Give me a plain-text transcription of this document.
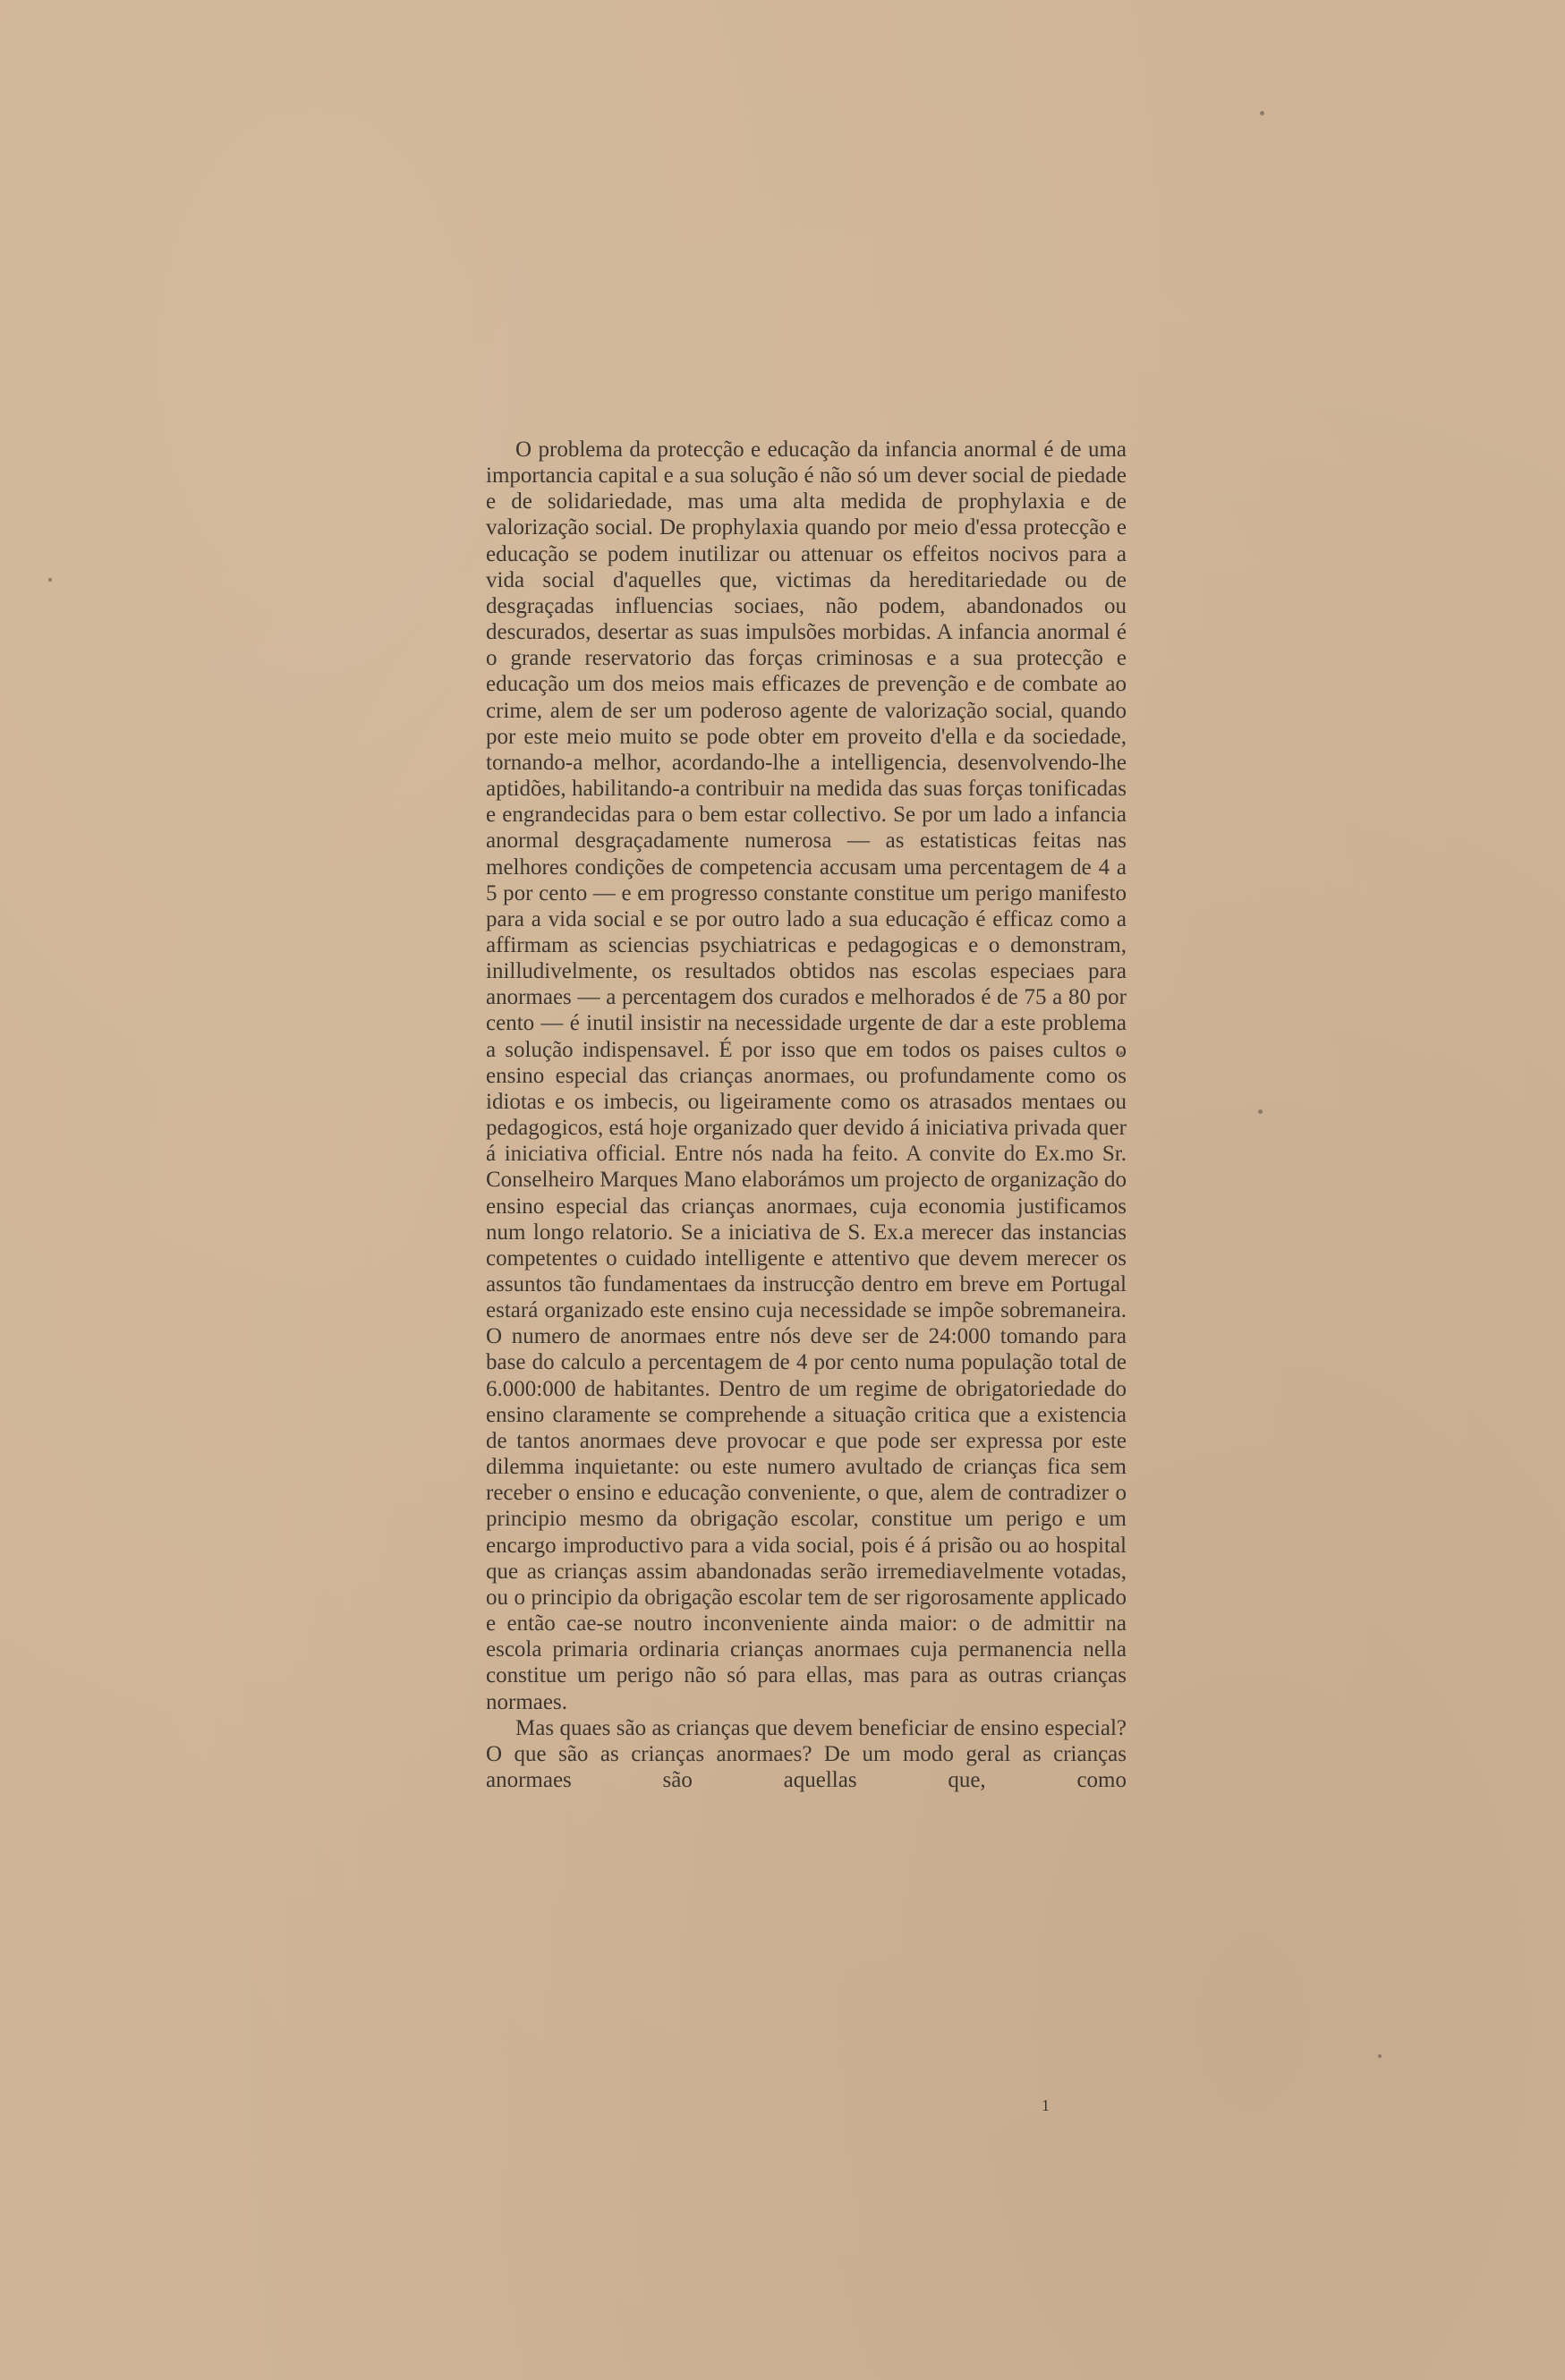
O problema da protecção e educação da infancia anormal é de uma importancia capital e a sua solução é não só um dever social de piedade e de solidariedade, mas uma alta medida de prophylaxia e de valorização social. De prophylaxia quando por meio d'essa protecção e educação se podem inutilizar ou attenuar os effeitos nocivos para a vida social d'aquelles que, victimas da hereditariedade ou de desgraçadas influencias sociaes, não podem, abandonados ou descurados, desertar as suas impulsões morbidas. A infancia anormal é o grande reservatorio das forças criminosas e a sua protecção e educação um dos meios mais efficazes de prevenção e de combate ao crime, alem de ser um poderoso agente de valorização social, quando por este meio muito se pode obter em proveito d'ella e da sociedade, tornando-a melhor, acordando-lhe a intelligencia, desenvolvendo-lhe aptidões, habilitando-a contribuir na medida das suas forças tonificadas e engrandecidas para o bem estar collectivo. Se por um lado a infancia anormal desgraçadamente numerosa — as estatisticas feitas nas melhores condições de competencia accusam uma percentagem de 4 a 5 por cento — e em progresso constante constitue um perigo manifesto para a vida social e se por outro lado a sua educação é efficaz como a affirmam as sciencias psychiatricas e pedagogicas e o demonstram, inilludivelmente, os resultados obtidos nas escolas especiaes para anormaes — a percentagem dos curados e melhorados é de 75 a 80 por cento — é inutil insistir na necessidade urgente de dar a este problema a solução indispensavel. É por isso que em todos os paises cultos o ensino especial das crianças anormaes, ou profundamente como os idiotas e os imbecis, ou ligeiramente como os atrasados mentaes ou pedagogicos, está hoje organizado quer devido á iniciativa privada quer á iniciativa official. Entre nós nada ha feito. A convite do Ex.mo Sr. Conselheiro Marques Mano elaborámos um projecto de organização do ensino especial das crianças anormaes, cuja economia justificamos num longo relatorio. Se a iniciativa de S. Ex.a merecer das instancias competentes o cuidado intelligente e attentivo que devem merecer os assuntos tão fundamentaes da instrucção dentro em breve em Portugal estará organizado este ensino cuja necessidade se impõe sobremaneira. O numero de anormaes entre nós deve ser de 24:000 tomando para base do calculo a percentagem de 4 por cento numa população total de 6.000:000 de habitantes. Dentro de um regime de obrigatoriedade do ensino claramente se comprehende a situação critica que a existencia de tantos anormaes deve provocar e que pode ser expressa por este dilemma inquietante: ou este numero avultado de crianças fica sem receber o ensino e educação conveniente, o que, alem de contradizer o principio mesmo da obrigação escolar, constitue um perigo e um encargo improductivo para a vida social, pois é á prisão ou ao hospital que as crianças assim abandonadas serão irremediavelmente votadas, ou o principio da obrigação escolar tem de ser rigorosamente applicado e então cae-se noutro inconveniente ainda maior: o de admittir na escola primaria ordinaria crianças anormaes cuja permanencia nella constitue um perigo não só para ellas, mas para as outras crianças normaes.

Mas quaes são as crianças que devem beneficiar de ensino especial? O que são as crianças anormaes? De um modo geral as crianças anormaes são aquellas que, como

1
